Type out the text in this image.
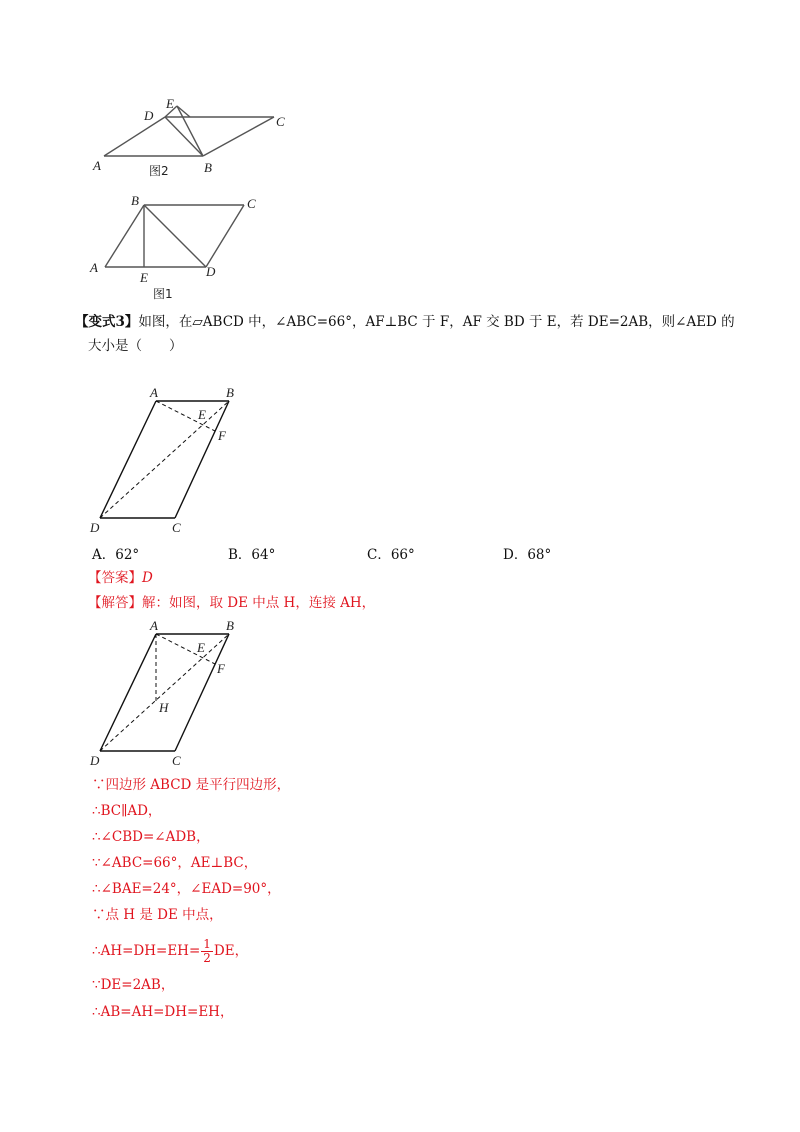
A
D
E
C
B
图2
A
B	C
E	D
图1
【变式3】如图，在▱ABCD 中，∠ABC=66°，AF⊥BC 于 F，AF 交 BD 于 E，若 DE=2AB，则∠AED 的
大小是（　　）
A	B
E
F
D	C
A．62°	B．64°	C．66°	D．68°
【答案】D
【解答】解：如图，取 DE 中点 H，连接 AH，
A	B
E
F
H
D	C
∵四边形 ABCD 是平行四边形，
∴BC∥AD，
∴∠CBD=∠ADB，
∵∠ABC=66°，AE⊥BC，
∴∠BAE=24°，∠EAD=90°，
∵点 H 是 DE 中点，
∴AH=DH=EH= $\frac{1}{2}$ DE，
∵DE=2AB，
∴AB=AH=DH=EH，
